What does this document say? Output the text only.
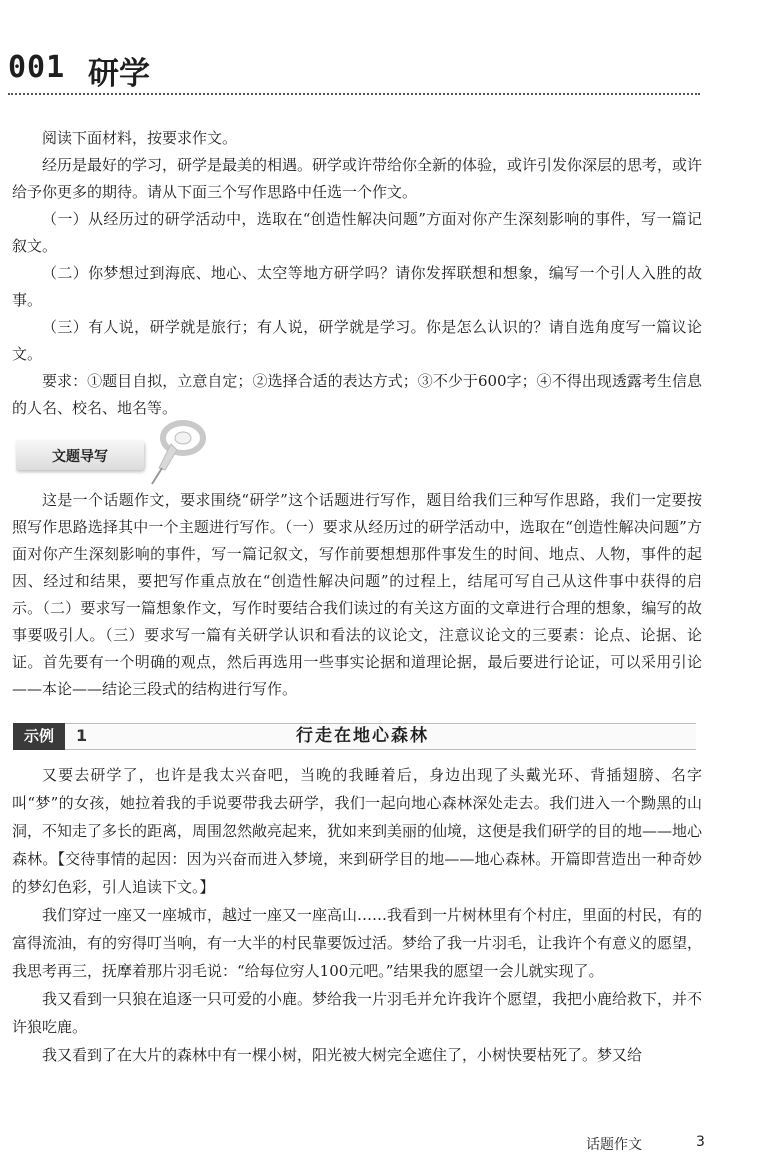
001 研学

阅读下面材料，按要求作文。

经历是最好的学习，研学是最美的相遇。研学或许带给你全新的体验，或许引发你深层的思考，或许给予你更多的期待。请从下面三个写作思路中任选一个作文。

（一）从经历过的研学活动中，选取在“创造性解决问题”方面对你产生深刻影响的事件，写一篇记叙文。

（二）你梦想过到海底、地心、太空等地方研学吗？请你发挥联想和想象，编写一个引人入胜的故事。

（三）有人说，研学就是旅行；有人说，研学就是学习。你是怎么认识的？请自选角度写一篇议论文。

要求：①题目自拟，立意自定；②选择合适的表达方式；③不少于600字；④不得出现透露考生信息的人名、校名、地名等。

文题导写

这是一个话题作文，要求围绕“研学”这个话题进行写作，题目给我们三种写作思路，我们一定要按照写作思路选择其中一个主题进行写作。（一）要求从经历过的研学活动中，选取在“创造性解决问题”方面对你产生深刻影响的事件，写一篇记叙文，写作前要想想那件事发生的时间、地点、人物，事件的起因、经过和结果，要把写作重点放在“创造性解决问题”的过程上，结尾可写自己从这件事中获得的启示。（二）要求写一篇想象作文，写作时要结合我们读过的有关这方面的文章进行合理的想象，编写的故事要吸引人。（三）要求写一篇有关研学认识和看法的议论文，注意议论文的三要素：论点、论据、论证。首先要有一个明确的观点，然后再选用一些事实论据和道理论据，最后要进行论证，可以采用引论——本论——结论三段式的结构进行写作。

示例	1	行走在地心森林

又要去研学了，也许是我太兴奋吧，当晚的我睡着后，身边出现了头戴光环、背插翅膀、名字叫“梦”的女孩，她拉着我的手说要带我去研学，我们一起向地心森林深处走去。我们进入一个黝黑的山洞，不知走了多长的距离，周围忽然敞亮起来，犹如来到美丽的仙境，这便是我们研学的目的地——地心森林。【交待事情的起因：因为兴奋而进入梦境，来到研学目的地——地心森林。开篇即营造出一种奇妙的梦幻色彩，引人追读下文。】

我们穿过一座又一座城市，越过一座又一座高山……我看到一片树林里有个村庄，里面的村民，有的富得流油，有的穷得叮当响，有一大半的村民靠要饭过活。梦给了我一片羽毛，让我许个有意义的愿望，我思考再三，抚摩着那片羽毛说：“给每位穷人100元吧。”结果我的愿望一会儿就实现了。

我又看到一只狼在追逐一只可爱的小鹿。梦给我一片羽毛并允许我许个愿望，我把小鹿给救下，并不许狼吃鹿。

我又看到了在大片的森林中有一棵小树，阳光被大树完全遮住了，小树快要枯死了。梦又给

话题作文	3
